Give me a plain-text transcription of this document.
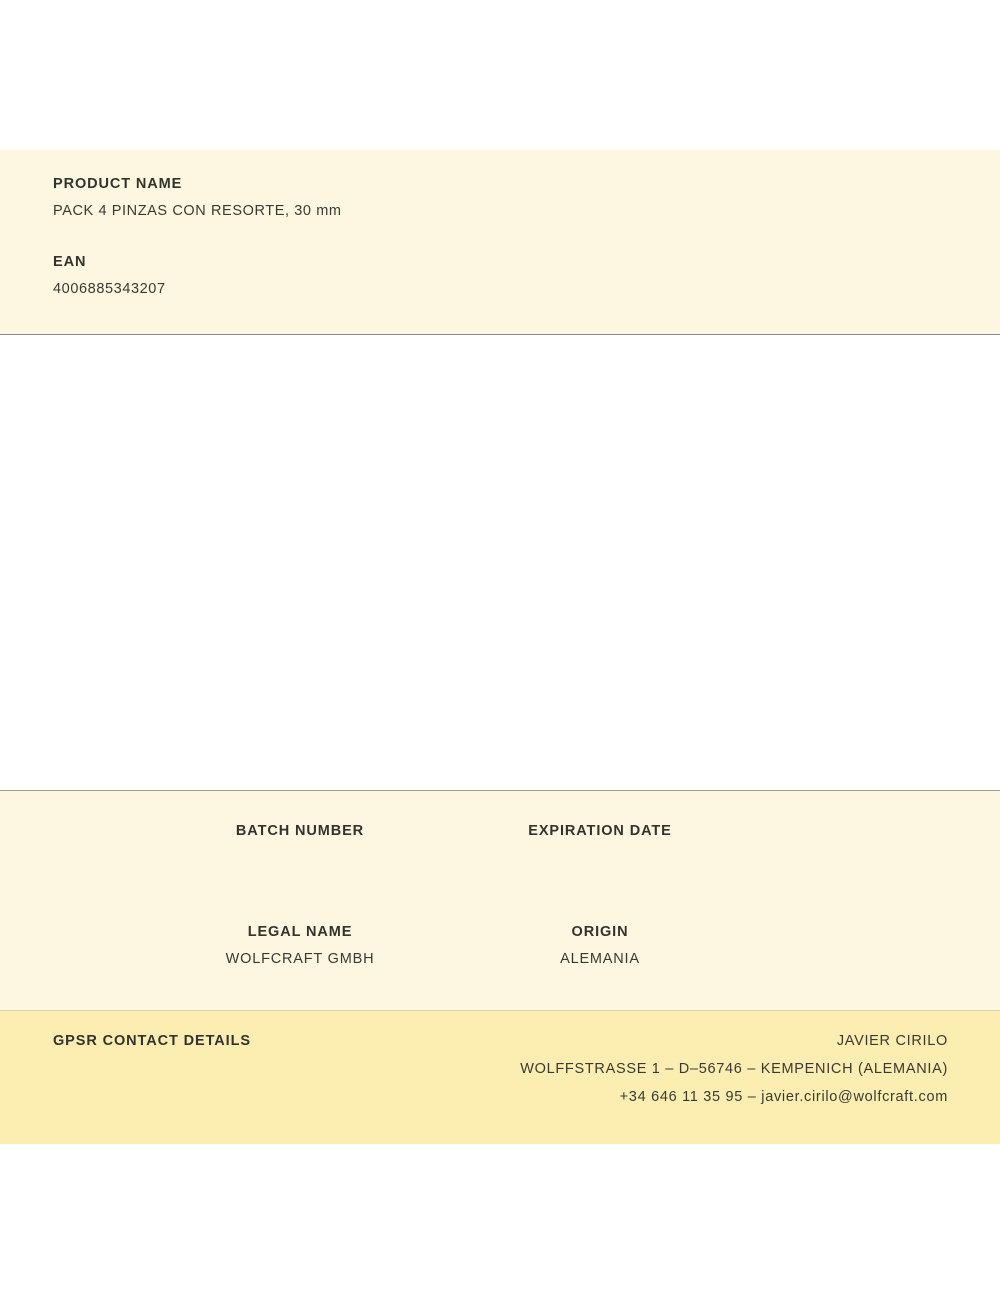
PRODUCT NAME

PACK 4 PINZAS CON RESORTE, 30 mm

EAN

4006885343207

BATCH NUMBER	EXPIRATION DATE

LEGAL NAME

WOLFCRAFT GMBH

ORIGIN

ALEMANIA

GPSR CONTACT DETAILS	JAVIER CIRILO
WOLFFSTRASSE 1 – D–56746 – KEMPENICH (ALEMANIA)
+34 646 11 35 95 – javier.cirilo@wolfcraft.com
